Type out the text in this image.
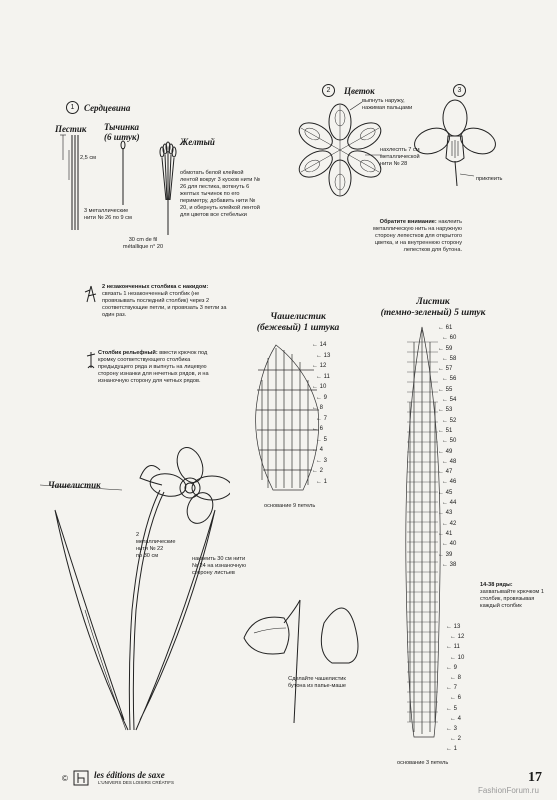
1	Сердцевина
Пестик Тычинка
(6 штук)	Желтый
2,5 см
3 металлические нити № 26 по 9 см
30 cm de fil métallique n° 20
обмотать белой клейкой лентой вокруг 3 кусков нити № 26 для пестика, воткнуть 6 желтых тычинок по его периметру, добавить нити № 20, и обернуть клейкой лентой для цветов все стебельки
2	Цветок
выпнуть наружу, нажимая пальцами
нахлеспть 7 см металлической нити № 28
3
прикпеить
Обратите внимание: наклеить металлическую нить на наружную сторону лепестков для открытого цветка, и на внутреннюю сторону лепестков для бутона.
2 незаконченных столбика с накидом: связать 1 незаконченный столбик (не провязывать последний столбик) через 2 соответствующие петли, и провязать 3 петли за один раз.
Столбик рельефный: ввести крючок под кромку соответствующего столбика предыдущего ряда и выпнуть на лицевую сторону изнанки для нечетных рядов, и на изнаночную сторону для четных рядов.
Чашелистик
(бежевый) 1 штука
← 14
← 13
← 12
← 11
← 10
← 9
← 8
← 7
← 6
← 5
← 4
← 3
← 2
← 1
основание 9 петель
Листик
(темно-зеленый) 5 штук
← 61
← 60
← 59
← 58
← 57
← 56
← 55
← 54
← 53
← 52
← 51
← 50
← 49
← 48
← 47
← 46
← 45
← 44
← 43
← 42
← 41
← 40
← 39
← 38
← 13
← 12
← 11
← 10
← 9
← 8
← 7
← 6
← 5
← 4
← 3
← 2
← 1
14-38 ряды: захватывайте крючком 1 столбик, провязывая каждый столбик
основание 3 петель
Чашелистик
2 металлические нити № 22 по 30 см	наклеить 30 см нити № 24 на изнаночную сторону листьев
Сделайте чашелистик бутона из папье-маше
©	les éditions de saxe
L'UNIVERS DES LOISIRS CRÉATIFS	17
FashionForum.ru
